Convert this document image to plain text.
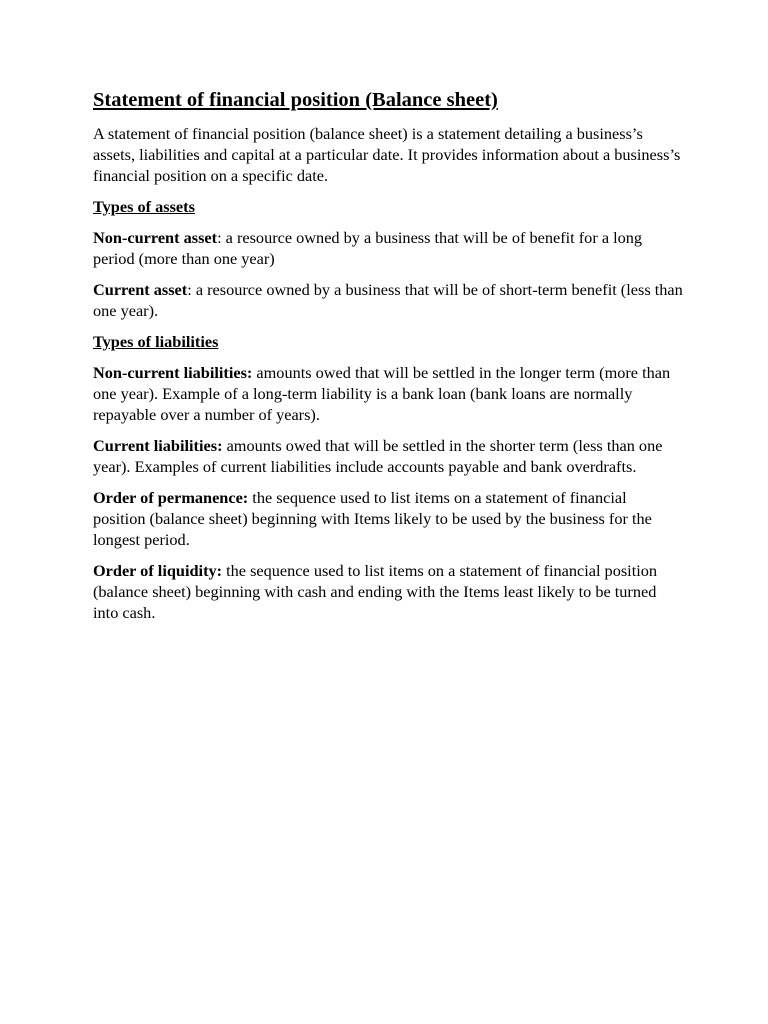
Statement of financial position (Balance sheet)

A statement of financial position (balance sheet) is a statement detailing a business’s assets, liabilities and capital at a particular date. It provides information about a business’s financial position on a specific date.

Types of assets

Non-current asset: a resource owned by a business that will be of benefit for a long period (more than one year)

Current asset: a resource owned by a business that will be of short-term benefit (less than one year).

Types of liabilities

Non-current liabilities: amounts owed that will be settled in the longer term (more than one year). Example of a long-term liability is a bank loan (bank loans are normally repayable over a number of years).

Current liabilities: amounts owed that will be settled in the shorter term (less than one year). Examples of current liabilities include accounts payable and bank overdrafts.

Order of permanence: the sequence used to list items on a statement of financial position (balance sheet) beginning with Items likely to be used by the business for the longest period.

Order of liquidity: the sequence used to list items on a statement of financial position (balance sheet) beginning with cash and ending with the Items least likely to be turned into cash.
